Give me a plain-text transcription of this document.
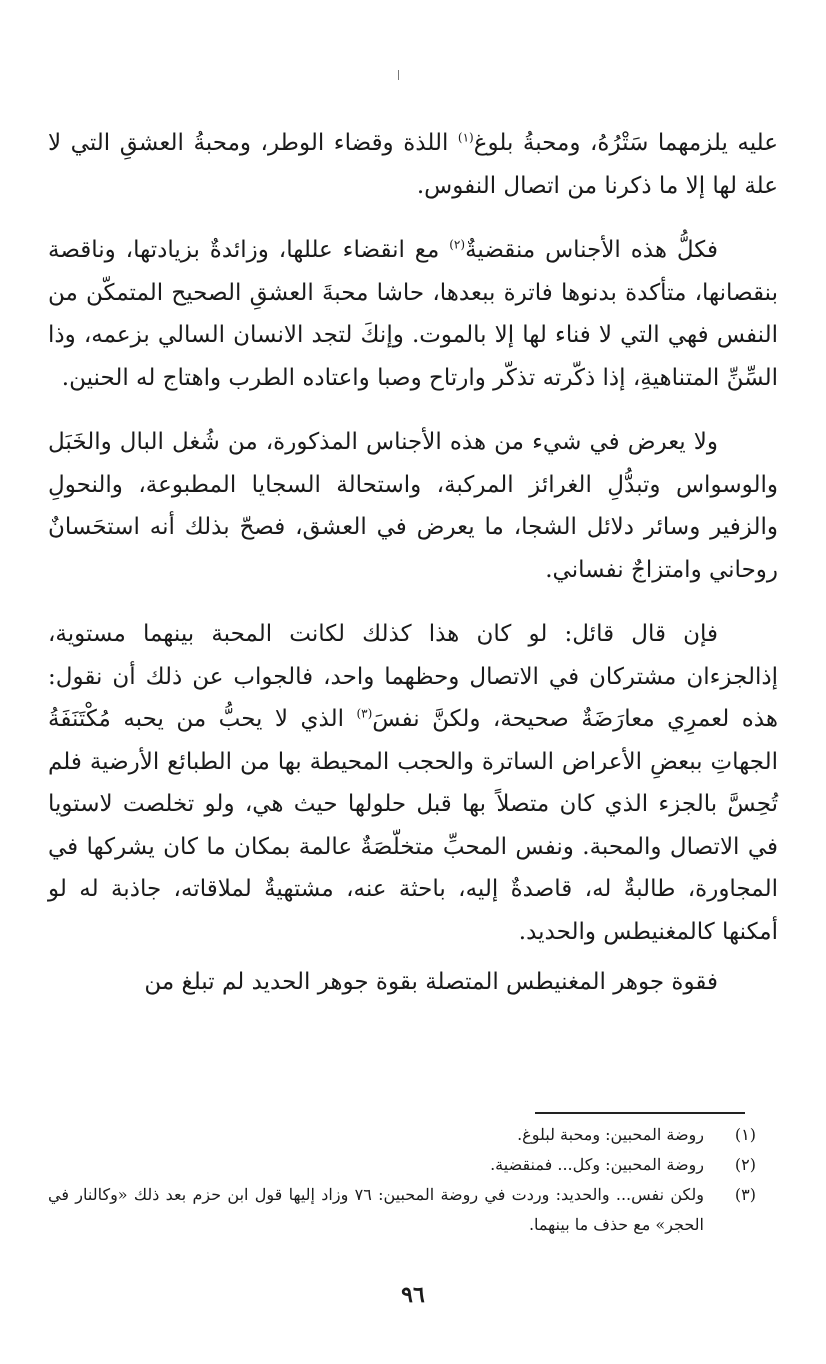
عليه يلزمهما سَتْرُهُ، ومحبةُ بلوغ$^{(١)}$ اللذة وقضاء الوطر، ومحبةُ العشقِ التي لا علة لها إلا ما ذكرنا من اتصال النفوس.

فكلُّ هذه الأجناس منقضيةٌ$^{(٢)}$ مع انقضاء عللها، وزائدةٌ بزيادتها، وناقصة بنقصانها، متأكدة بدنوها فاترة ببعدها، حاشا محبةَ العشقِ الصحيح المتمكّن من النفس فهي التي لا فناء لها إلا بالموت. وإنكَ لتجد الانسان السالي بزعمه، وذا السِّنِّ المتناهيةِ، إذا ذكّرته تذكّر وارتاح وصبا واعتاده الطرب واهتاج له الحنين.

ولا يعرض في شيء من هذه الأجناس المذكورة، من شُغل البال والخَبَل والوسواس وتبدُّلِ الغرائز المركبة، واستحالة السجايا المطبوعة، والنحولِ والزفير وسائر دلائل الشجا، ما يعرض في العشق، فصحّ بذلك أنه استحَسانٌ روحاني وامتزاجٌ نفساني.

فإن قال قائل: لو كان هذا كذلك لكانت المحبة بينهما مستوية، إذالجزءان مشتركان في الاتصال وحظهما واحد، فالجواب عن ذلك أن نقول: هذه لعمرِي معارَضَةٌ صحيحة، ولكنَّ نفسَ$^{(٣)}$ الذي لا يحبُّ من يحبه مُكْتَنَفَةُ الجهاتِ ببعضِ الأعراض الساترة والحجب المحيطة بها من الطبائع الأرضية فلم تُحِسَّ بالجزء الذي كان متصلاً بها قبل حلولها حيث هي، ولو تخلصت لاستويا في الاتصال والمحبة. ونفس المحبِّ متخلّصَةٌ عالمة بمكان ما كان يشركها في المجاورة، طالبةٌ له، قاصدةٌ إليه، باحثة عنه، مشتهيةٌ لملاقاته، جاذبة له لو أمكنها كالمغنيطس والحديد.

فقوة جوهر المغنيطس المتصلة بقوة جوهر الحديد لم تبلغ من

(١)
روضة المحبين: ومحبة لبلوغ.
(٢)
روضة المحبين: وكل... فمنقضية.
(٣)
ولكن نفس... والحديد: وردت في روضة المحبين: ٧٦ وزاد إليها قول ابن حزم بعد ذلك «وكالنار في الحجر» مع حذف ما بينهما.
٩٦
